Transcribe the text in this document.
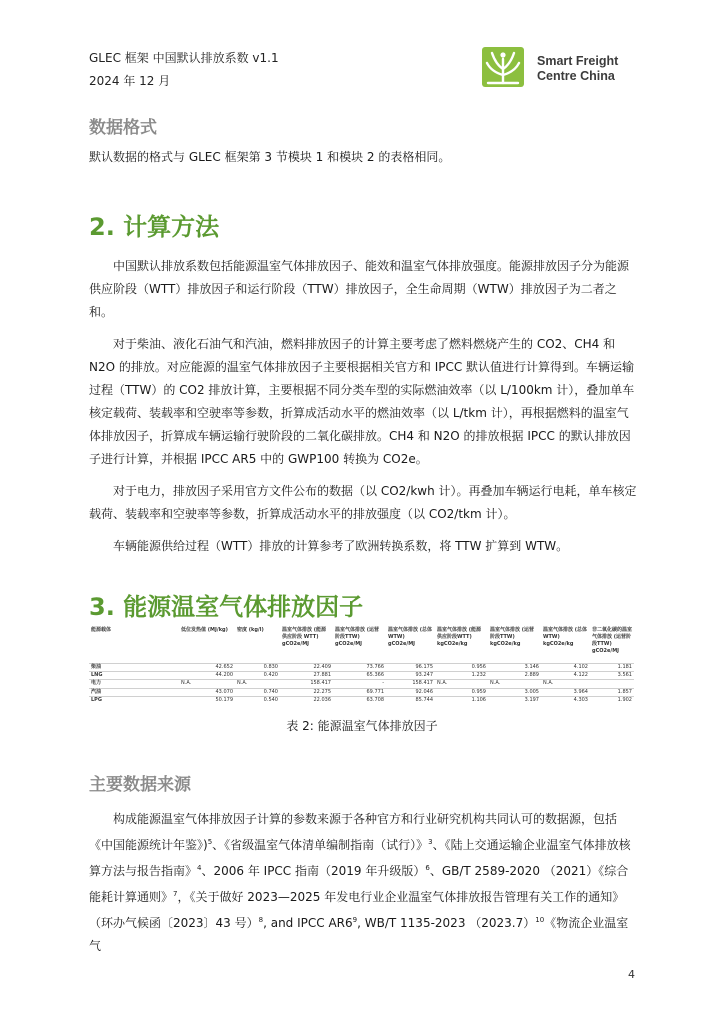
GLEC 框架 中国默认排放系数 v1.1
2024 年 12 月
Smart Freight
Centre China
数据格式

默认数据的格式与 GLEC 框架第 3 节模块 1 和模块 2 的表格相同。

2. 计算方法

中国默认排放系数包括能源温室气体排放因子、能效和温室气体排放强度。能源排放因子分为能源供应阶段（WTT）排放因子和运行阶段（TTW）排放因子，全生命周期（WTW）排放因子为二者之和。

对于柴油、液化石油气和汽油，燃料排放因子的计算主要考虑了燃料燃烧产生的 CO2、CH4 和 N2O 的排放。对应能源的温室气体排放因子主要根据相关官方和 IPCC 默认值进行计算得到。车辆运输过程（TTW）的 CO2 排放计算，主要根据不同分类车型的实际燃油效率（以 L/100km 计），叠加单车核定载荷、装载率和空驶率等参数，折算成活动水平的燃油效率（以 L/tkm 计），再根据燃料的温室气体排放因子，折算成车辆运输行驶阶段的二氧化碳排放。CH4 和 N2O 的排放根据 IPCC 的默认排放因子进行计算，并根据 IPCC AR5 中的 GWP100 转换为 CO2e。

对于电力，排放因子采用官方文件公布的数据（以 CO2/kwh 计）。再叠加车辆运行电耗，单车核定载荷、装载率和空驶率等参数，折算成活动水平的排放强度（以 CO2/tkm 计）。

车辆能源供给过程（WTT）排放的计算参考了欧洲转换系数，将 TTW 扩算到 WTW。

3. 能源温室气体排放因子
能源载体	低位发热值 (MJ/kg)	密度 (kg/l)	温室气体排放 (能源供应阶段 WTT) gCO2e/MJ	温室气体排放 (运营阶段TTW) gCO2e/MJ	温室气体排放 (总体WTW) gCO2e/MJ	温室气体排放 (能源供应阶段WTT) kgCO2e/kg	温室气体排放 (运营阶段TTW) kgCO2e/kg	温室气体排放 (总体WTW) kgCO2e/kg	非二氧化碳的温室气体排放 (运营阶段TTW) gCO2e/MJ
柴油	42.652	0.830	22.409	73.766	96.175	0.956	3.146	4.102	1.181
LNG	44.200	0.420	27.881	65.366	93.247	1.232	2.889	4.122	3.561
电力	N.A.	N.A.	158.417	-	158.417	N.A.	N.A.	N.A.	
汽油	43.070	0.740	22.275	69.771	92.046	0.959	3.005	3.964	1.857
LPG	50.179	0.540	22.036	63.708	85.744	1.106	3.197	4.303	1.902
表 2: 能源温室气体排放因子
主要数据来源

构成能源温室气体排放因子计算的参数来源于各种官方和行业研究机构共同认可的数据源，包括《中国能源统计年鉴》)$^5$、《省级温室气体清单编制指南（试行）》$^3$、《陆上交通运输企业温室气体排放核算方法与报告指南》$^4$、2006 年 IPCC 指南（2019 年升级版）$^6$、GB/T 2589-2020 （2021）《综合能耗计算通则》$^7$，《关于做好 2023—2025 年发电行业企业温室气体排放报告管理有关工作的通知》（环办气候函〔2023〕43 号）$^8$, and IPCC $AR6^9$, WB/T 1135-2023 $(2023.7)^{10}$《物流企业温室气

4
